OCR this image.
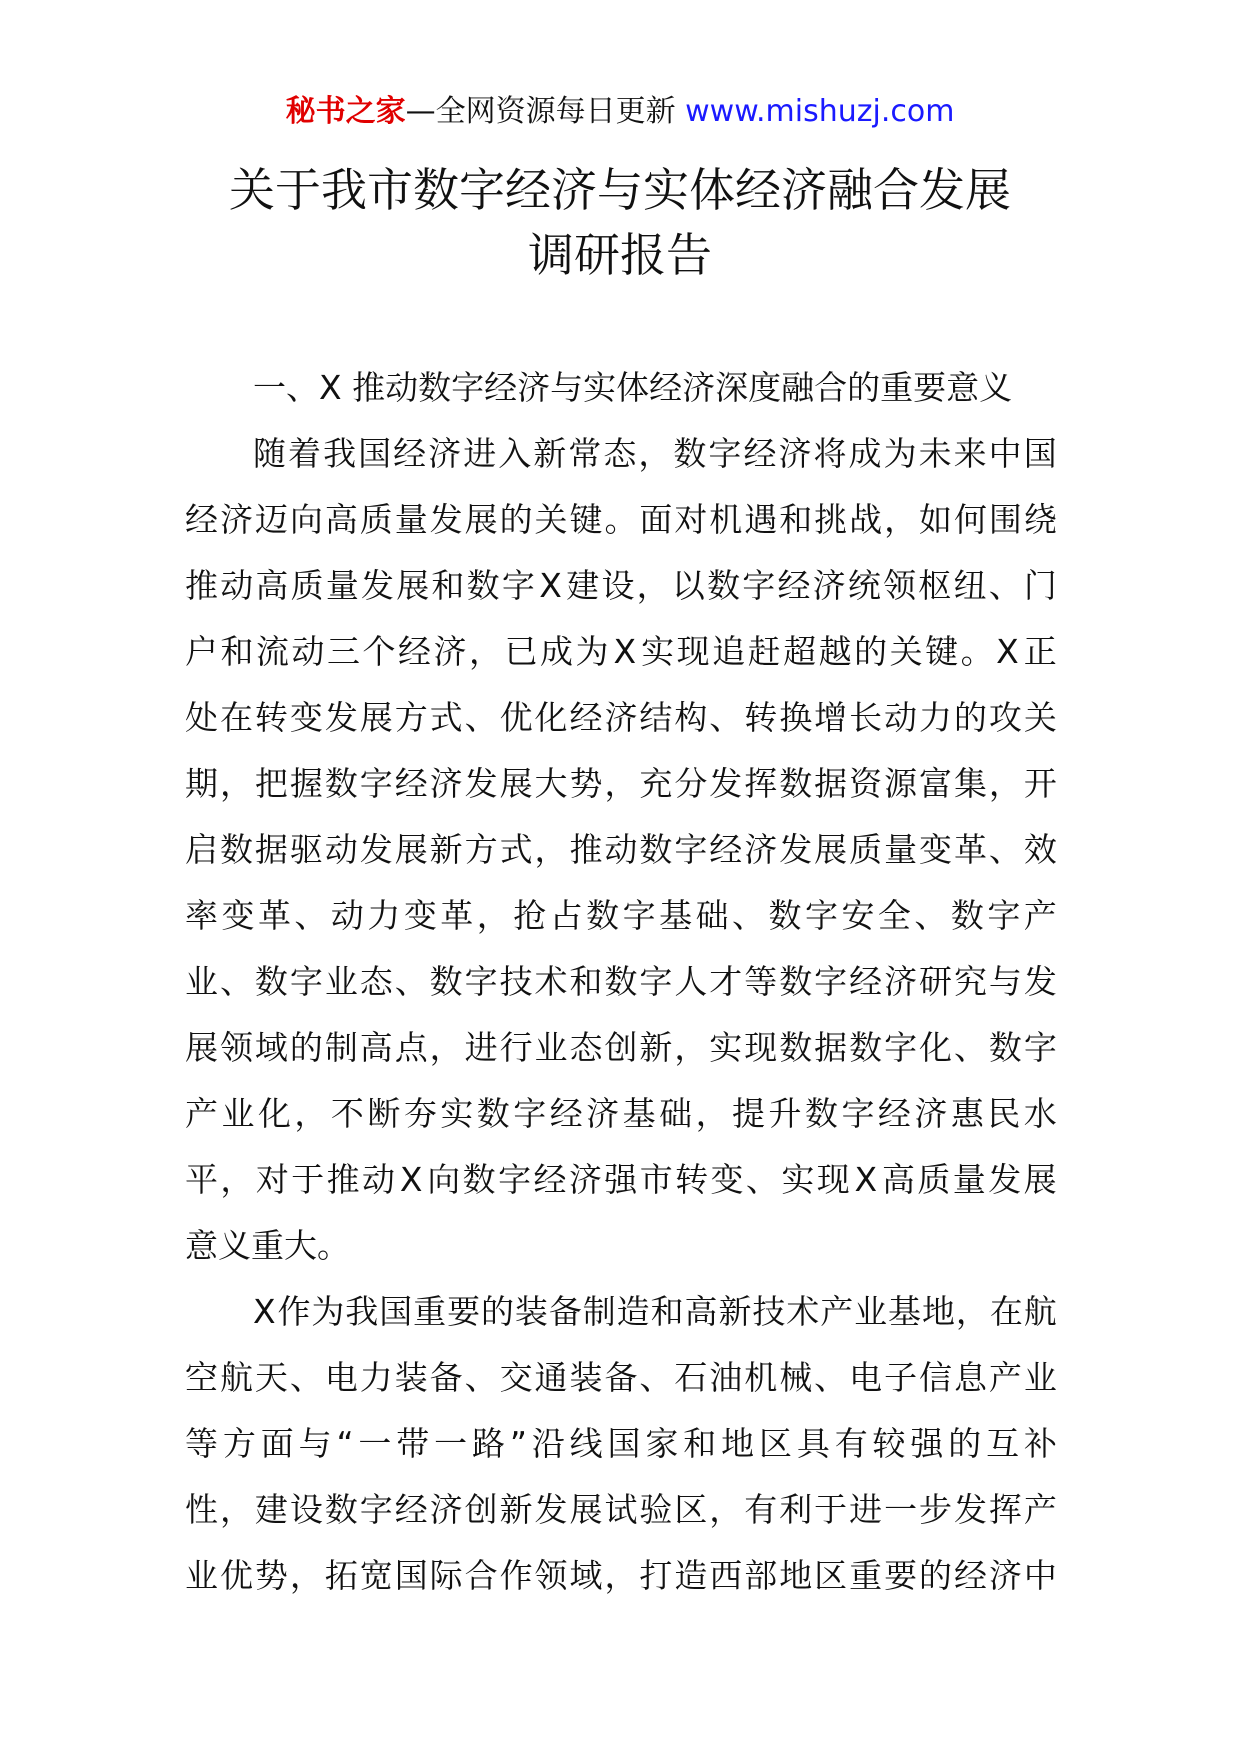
秘书之家—全网资源每日更新 www.mishuzj.com
关于我市数字经济与实体经济融合发展
调研报告
一、X 推动数字经济与实体经济深度融合的重要意义
随 着 我 国 经 济 进 入 新 常 态 ， 数 字 经 济 将 成 为 未 来 中 国
经 济 迈 向 高 质 量 发 展 的 关 键 。 面 对 机 遇 和 挑 战 ， 如 何 围 绕
推 动 高 质 量 发 展 和 数 字 X 建 设 ， 以 数 字 经 济 统 领 枢 纽 、 门
户 和 流 动 三 个 经 济 ， 已 成 为 X 实 现 追 赶 超 越 的 关 键 。 X 正
处 在 转 变 发 展 方 式 、 优 化 经 济 结 构 、 转 换 增 长 动 力 的 攻 关
期 ， 把 握 数 字 经 济 发 展 大 势 ， 充 分 发 挥 数 据 资 源 富 集 ， 开
启 数 据 驱 动 发 展 新 方 式 ， 推 动 数 字 经 济 发 展 质 量 变 革 、 效
率 变 革 、 动 力 变 革 ， 抢 占 数 字 基 础 、 数 字 安 全 、 数 字 产
业 、 数 字 业 态 、 数 字 技 术 和 数 字 人 才 等 数 字 经 济 研 究 与 发
展 领 域 的 制 高 点 ， 进 行 业 态 创 新 ， 实 现 数 据 数 字 化 、 数 字
产 业 化 ， 不 断 夯 实 数 字 经 济 基 础 ， 提 升 数 字 经 济 惠 民 水
平 ， 对 于 推 动 X 向 数 字 经 济 强 市 转 变 、 实 现 X 高 质 量 发 展
意义重大。
X 作 为 我 国 重 要 的 装 备 制 造 和 高 新 技 术 产 业 基 地 ， 在 航
空 航 天 、 电 力 装 备 、 交 通 装 备 、 石 油 机 械 、 电 子 信 息 产 业
等 方 面 与 “ 一 带 一 路 ” 沿 线 国 家 和 地 区 具 有 较 强 的 互 补
性 ， 建 设 数 字 经 济 创 新 发 展 试 验 区 ， 有 利 于 进 一 步 发 挥 产
业 优 势 ， 拓 宽 国 际 合 作 领 域 ， 打 造 西 部 地 区 重 要 的 经 济 中
